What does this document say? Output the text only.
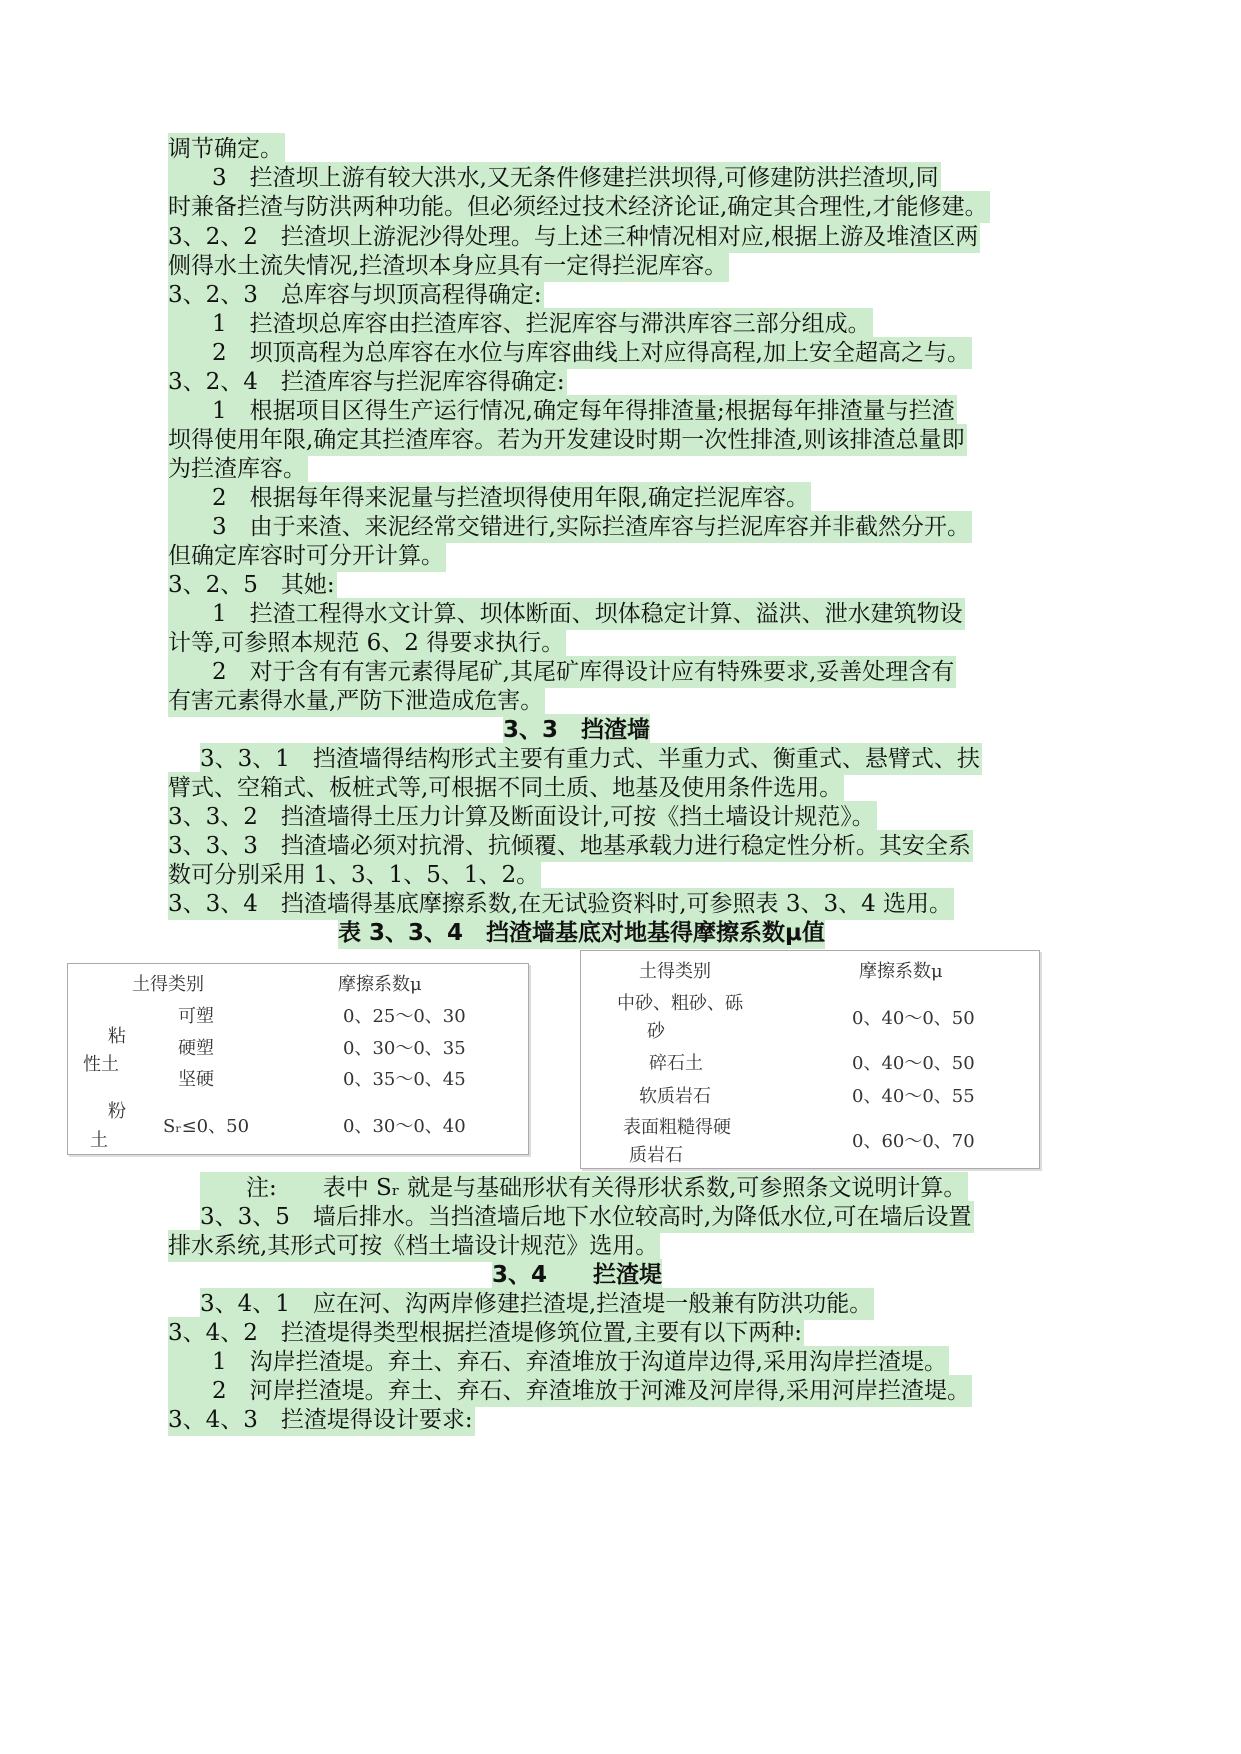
调节确定。
3　拦渣坝上游有较大洪水,又无条件修建拦洪坝得,可修建防洪拦渣坝,同
时兼备拦渣与防洪两种功能。但必须经过技术经济论证,确定其合理性,才能修建。
3、2、2　拦渣坝上游泥沙得处理。与上述三种情况相对应,根据上游及堆渣区两
侧得水土流失情况,拦渣坝本身应具有一定得拦泥库容。
3、2、3　总库容与坝顶高程得确定:
1　拦渣坝总库容由拦渣库容、拦泥库容与滞洪库容三部分组成。
2　坝顶高程为总库容在水位与库容曲线上对应得高程,加上安全超高之与。
3、2、4　拦渣库容与拦泥库容得确定:
1　根据项目区得生产运行情况,确定每年得排渣量;根据每年排渣量与拦渣
坝得使用年限,确定其拦渣库容。若为开发建设时期一次性排渣,则该排渣总量即
为拦渣库容。
2　根据每年得来泥量与拦渣坝得使用年限,确定拦泥库容。
3　由于来渣、来泥经常交错进行,实际拦渣库容与拦泥库容并非截然分开。
但确定库容时可分开计算。
3、2、5　其她:
1　拦渣工程得水文计算、坝体断面、坝体稳定计算、溢洪、泄水建筑物设
计等,可参照本规范 6、2 得要求执行。
2　对于含有有害元素得尾矿,其尾矿库得设计应有特殊要求,妥善处理含有
有害元素得水量,严防下泄造成危害。
3、3　挡渣墙
3、3、1　挡渣墙得结构形式主要有重力式、半重力式、衡重式、悬臂式、扶
臂式、空箱式、板桩式等,可根据不同土质、地基及使用条件选用。
3、3、2　挡渣墙得土压力计算及断面设计,可按《挡土墙设计规范》。
3、3、3　挡渣墙必须对抗滑、抗倾覆、地基承载力进行稳定性分析。其安全系
数可分别采用 1、3、1、5、1、2。
3、3、4　挡渣墙得基底摩擦系数,在无试验资料时,可参照表 3、3、4 选用。
表 3、3、4　挡渣墙基底对地基得摩擦系数μ值
土得类别	摩擦系数μ
粘
性土
可塑	0、25～0、30
硬塑	0、30～0、35
坚硬	0、35～0、45
粉
土
Sᵣ≤0、50	0、30～0、40
土得类别	摩擦系数μ
中砂、粗砂、砾
砂
0、40～0、50
碎石土	0、40～0、50
软质岩石	0、40～0、55
表面粗糙得硬
质岩石
0、60～0、70
注:　　表中 Sᵣ 就是与基础形状有关得形状系数,可参照条文说明计算。
3、3、5　墙后排水。当挡渣墙后地下水位较高时,为降低水位,可在墙后设置
排水系统,其形式可按《档土墙设计规范》选用。
3、4　　拦渣堤
3、4、1　应在河、沟两岸修建拦渣堤,拦渣堤一般兼有防洪功能。
3、4、2　拦渣堤得类型根据拦渣堤修筑位置,主要有以下两种:
1　沟岸拦渣堤。弃土、弃石、弃渣堆放于沟道岸边得,采用沟岸拦渣堤。
2　河岸拦渣堤。弃土、弃石、弃渣堆放于河滩及河岸得,采用河岸拦渣堤。
3、4、3　拦渣堤得设计要求:
